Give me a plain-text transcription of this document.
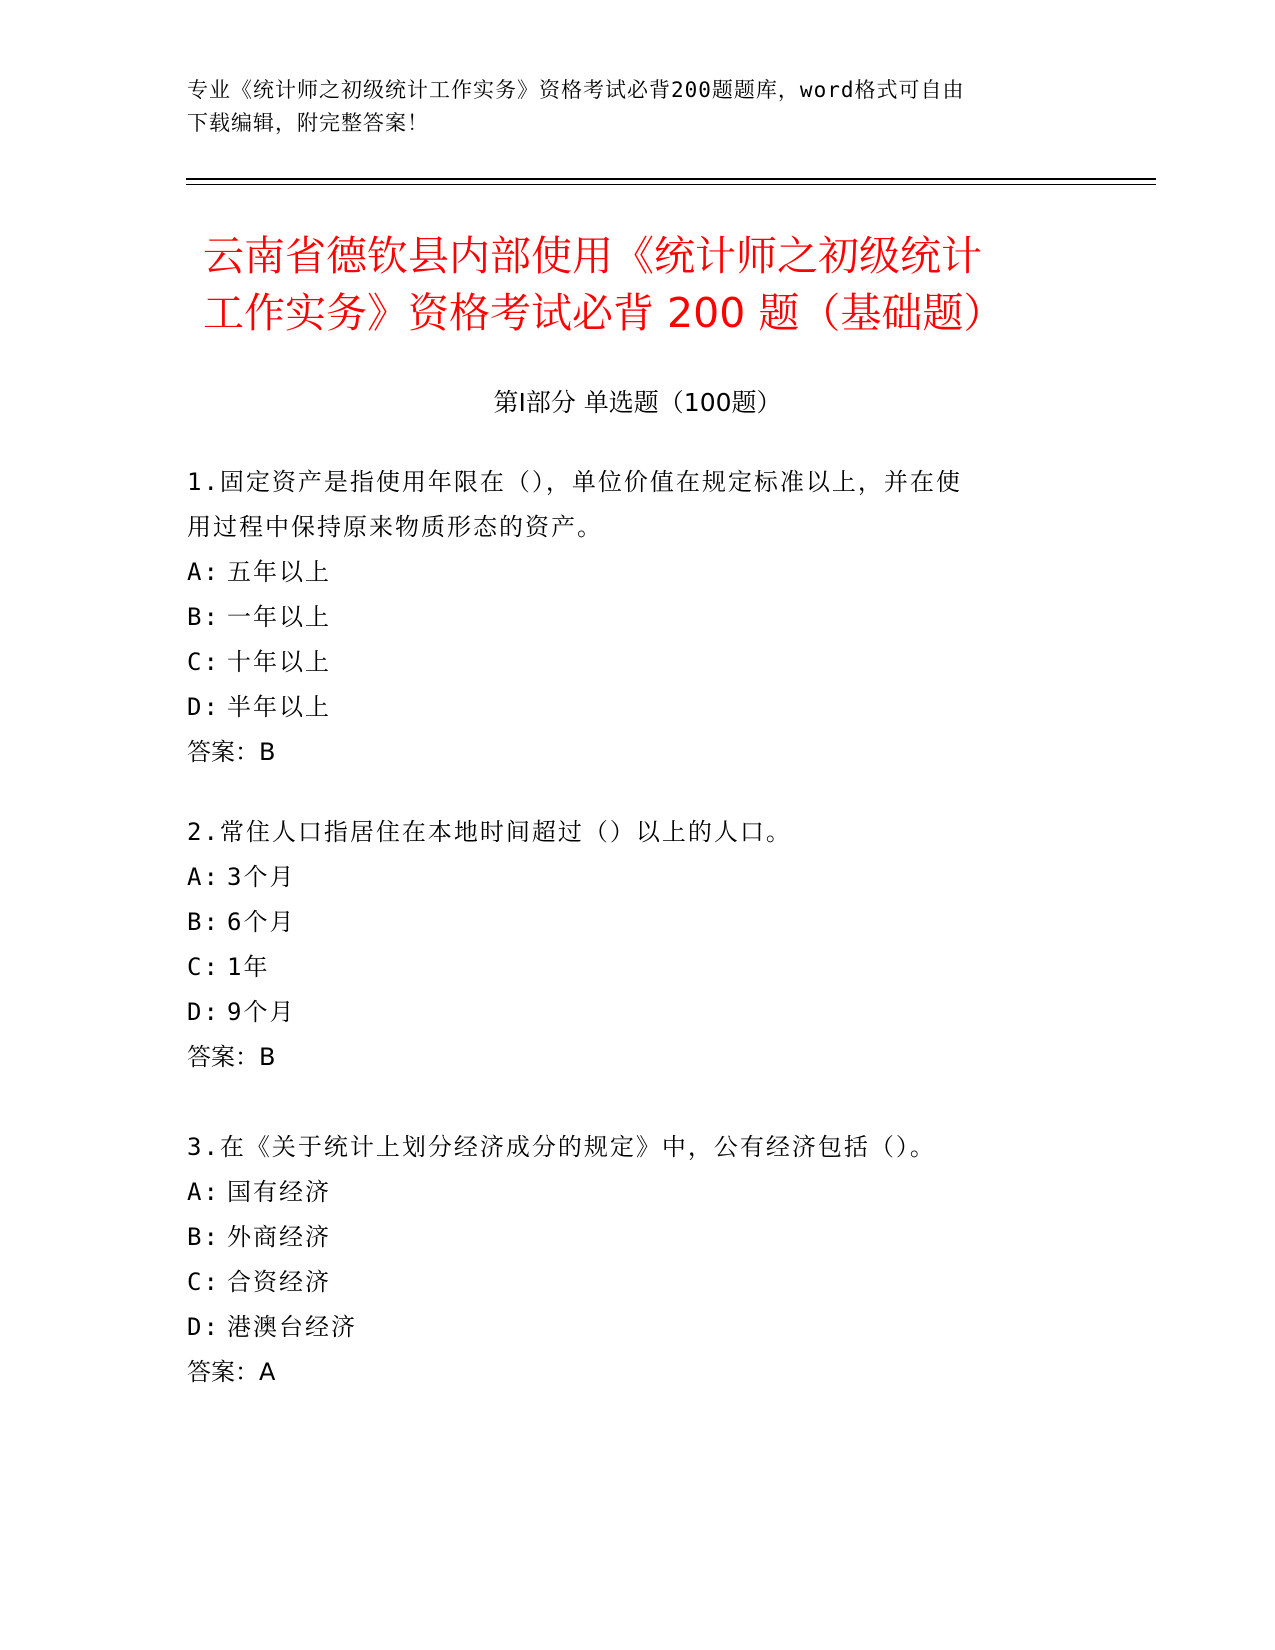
专业《统计师之初级统计工作实务》资格考试必背200题题库，word格式可自由
下载编辑，附完整答案！
云南省德钦县内部使用《统计师之初级统计
工作实务》资格考试必背 200 题（基础题）
第Ⅰ部分 单选题（100题）

1.固定资产是指使用年限在（），单位价值在规定标准以上，并在使

用过程中保持原来物质形态的资产。

A: 五年以上

B: 一年以上

C: 十年以上

D: 半年以上

答案：B

2.常住人口指居住在本地时间超过（）以上的人口。

A: 3个月

B: 6个月

C: 1年

D: 9个月

答案：B

3.在《关于统计上划分经济成分的规定》中，公有经济包括（）。

A: 国有经济

B: 外商经济

C: 合资经济

D: 港澳台经济

答案：A
